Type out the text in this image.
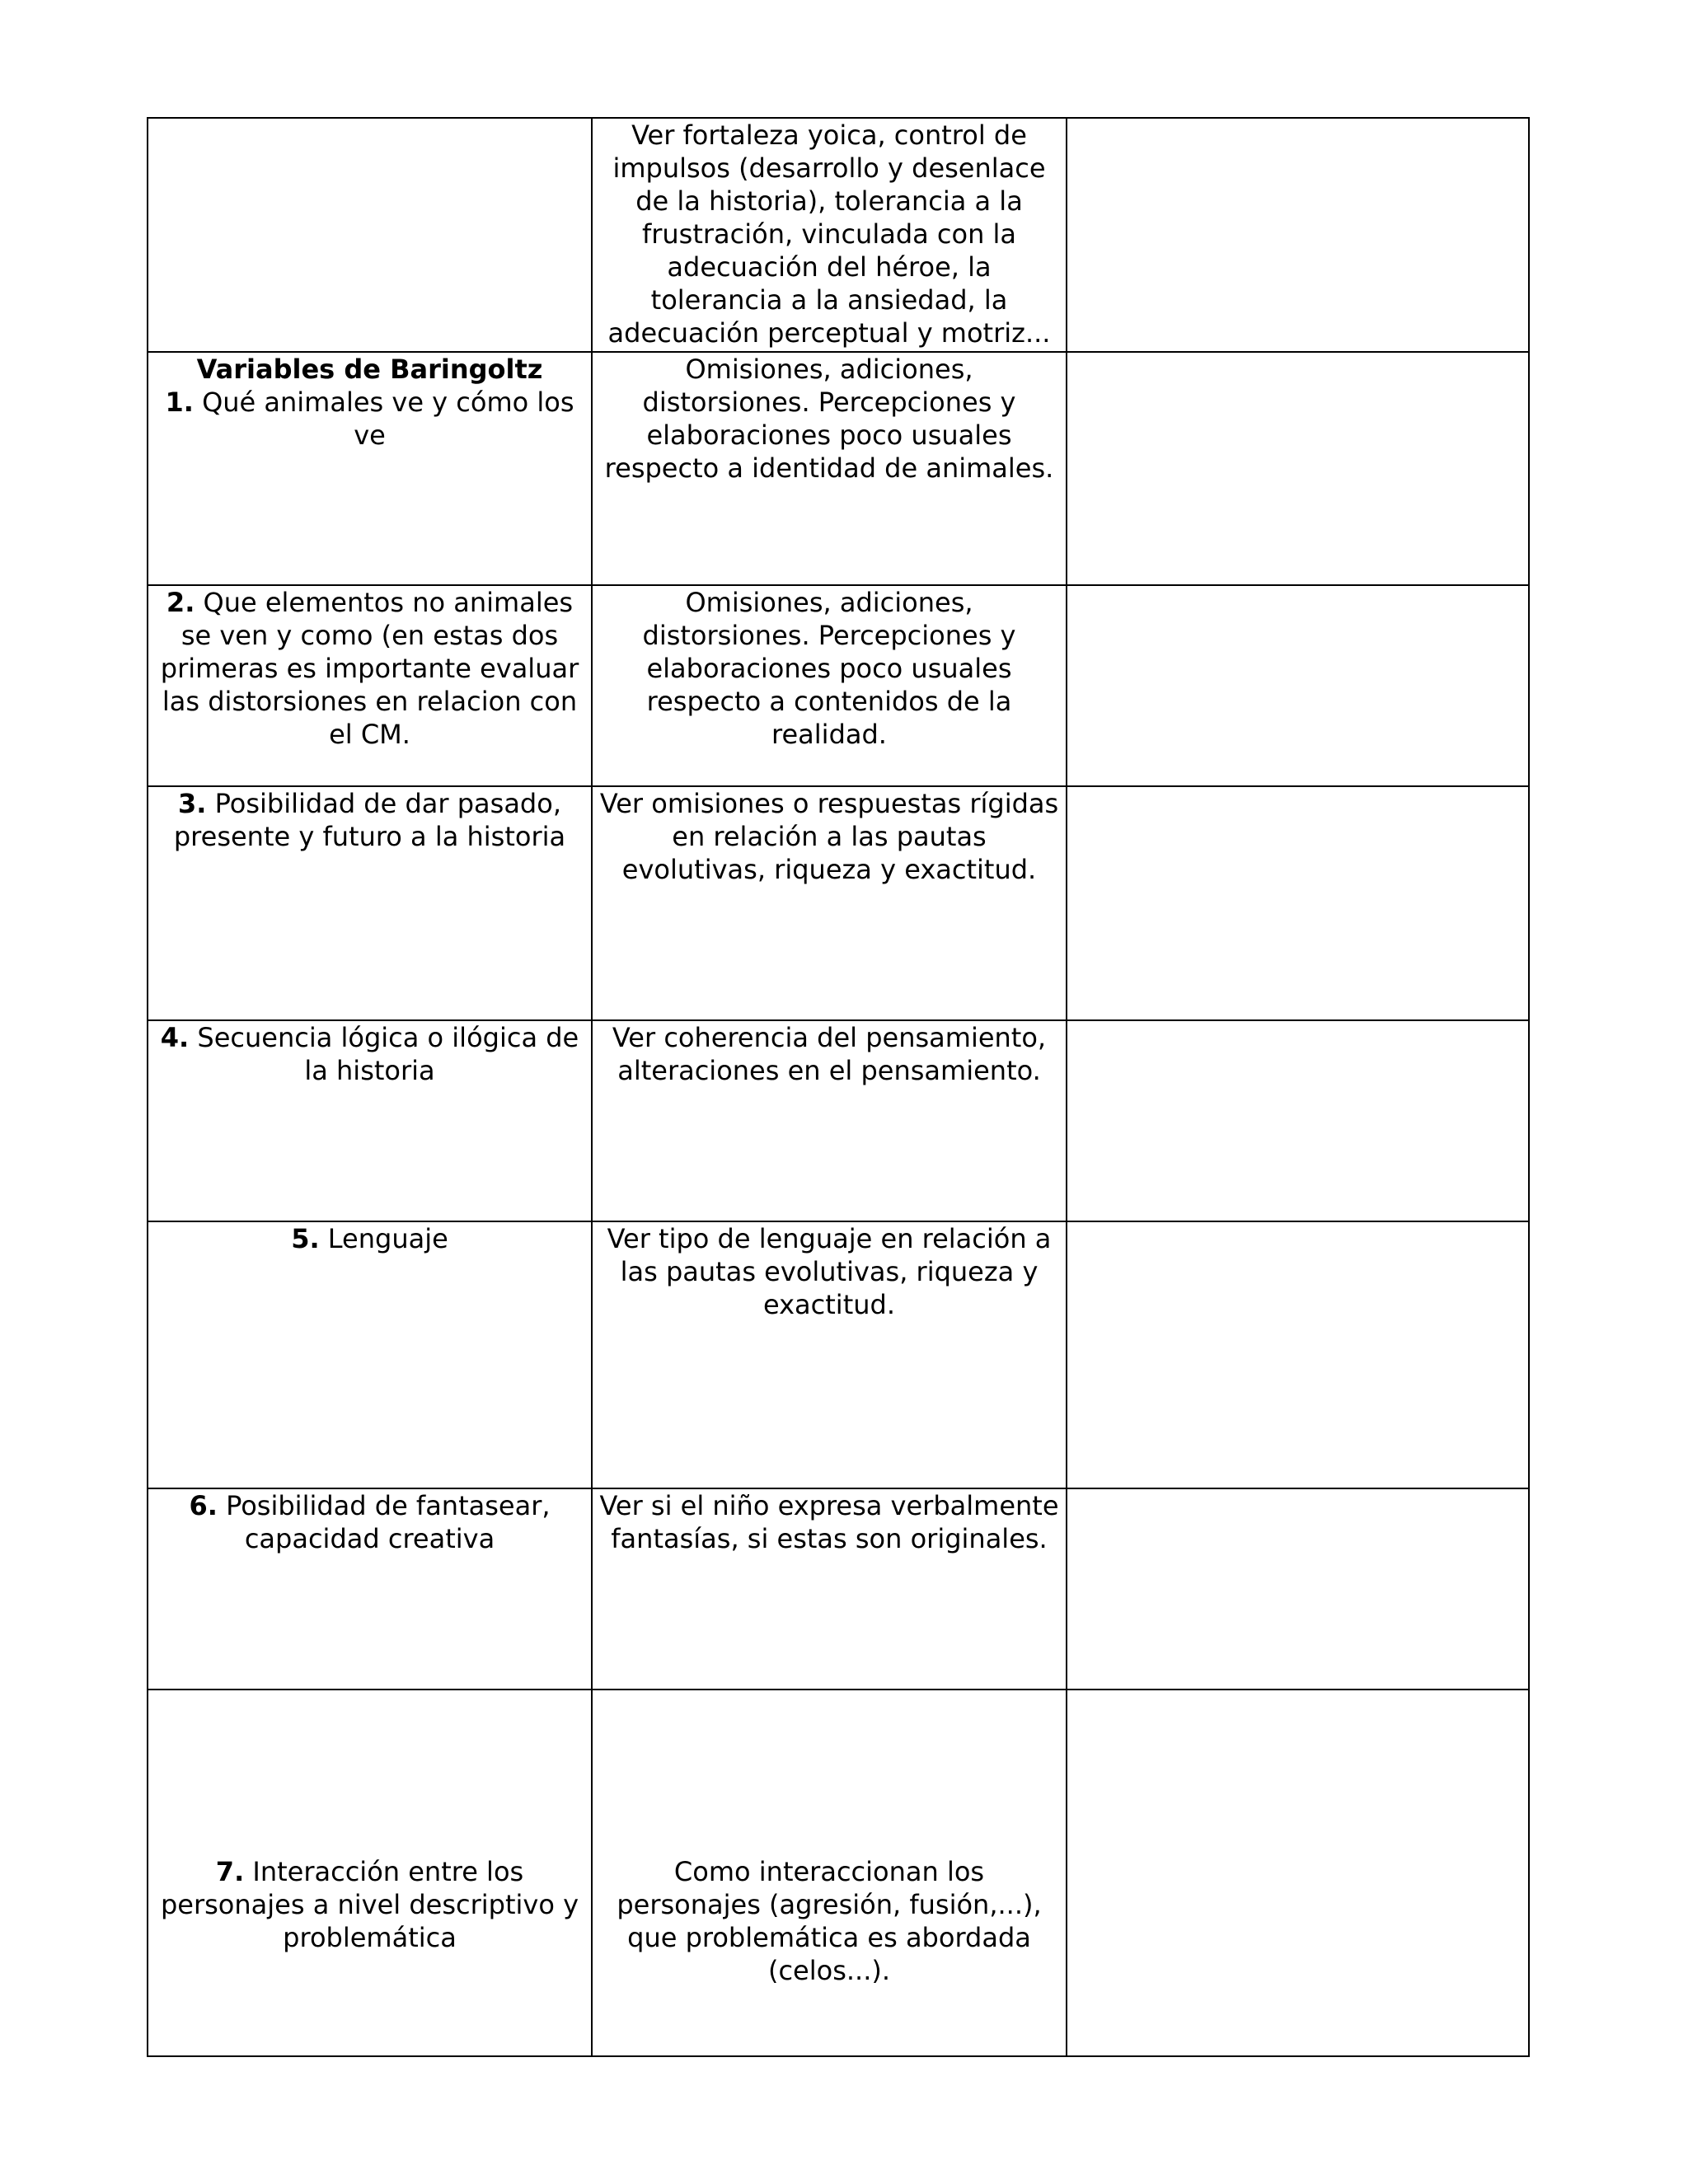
	Ver fortaleza yoica, control de impulsos (desarrollo y desenlace de la historia), tolerancia a la frustración, vinculada con la adecuación del héroe, la tolerancia a la ansiedad, la adecuación perceptual y motriz...	

Variables de Baringoltz
1. Qué animales ve y cómo los ve	Omisiones, adiciones, distorsiones. Percepciones y elaboraciones poco usuales respecto a identidad de animales.	
2. Que elementos no animales se ven y como (en estas dos primeras es importante evaluar las distorsiones en relacion con el CM.	Omisiones, adiciones, distorsiones. Percepciones y elaboraciones poco usuales respecto a contenidos de la realidad.	
3. Posibilidad de dar pasado, presente y futuro a la historia	Ver omisiones o respuestas rígidas en relación a las pautas evolutivas, riqueza y exactitud.	
4. Secuencia lógica o ilógica de la historia	Ver coherencia del pensamiento, alteraciones en el pensamiento.	
5. Lenguaje	Ver tipo de lenguaje en relación a las pautas evolutivas, riqueza y exactitud.	
6. Posibilidad de fantasear, capacidad creativa	Ver si el niño expresa verbalmente fantasías, si estas son originales.	
7. Interacción entre los personajes a nivel descriptivo y problemática	Como interaccionan los personajes (agresión, fusión,...), que problemática es abordada (celos...).	
